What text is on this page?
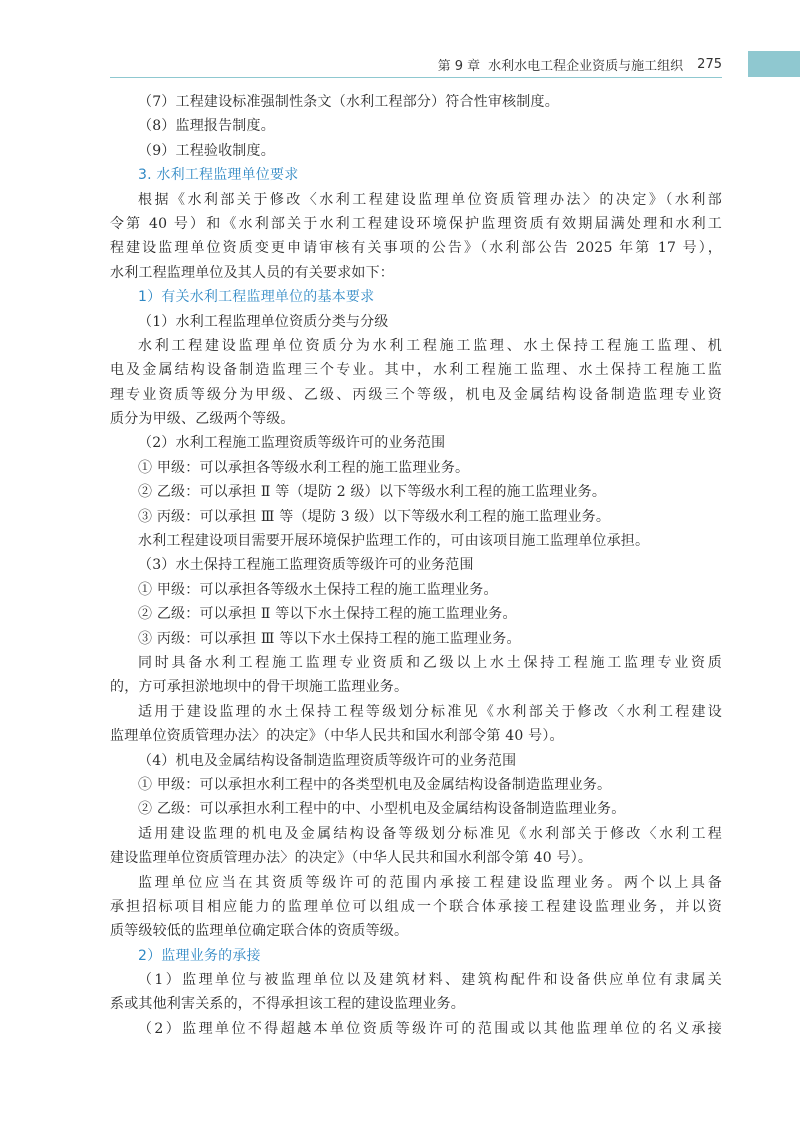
第 9 章 水利水电工程企业资质与施工组织 275
（7）工程建设标准强制性条文（水利工程部分）符合性审核制度。
（8）监理报告制度。
（9）工程验收制度。
3. 水利工程监理单位要求
根据《水利部关于修改〈水利工程建设监理单位资质管理办法〉的决定》（水利部
令第 40 号）和《水利部关于水利工程建设环境保护监理资质有效期届满处理和水利工
程建设监理单位资质变更申请审核有关事项的公告》（水利部公告 2025 年第 17 号），
水利工程监理单位及其人员的有关要求如下：
1）有关水利工程监理单位的基本要求
（1）水利工程监理单位资质分类与分级
水利工程建设监理单位资质分为水利工程施工监理、水土保持工程施工监理、机
电及金属结构设备制造监理三个专业。其中，水利工程施工监理、水土保持工程施工监
理专业资质等级分为甲级、乙级、丙级三个等级，机电及金属结构设备制造监理专业资
质分为甲级、乙级两个等级。
（2）水利工程施工监理资质等级许可的业务范围
① 甲级：可以承担各等级水利工程的施工监理业务。
② 乙级：可以承担 Ⅱ 等（堤防 2 级）以下等级水利工程的施工监理业务。
③ 丙级：可以承担 Ⅲ 等（堤防 3 级）以下等级水利工程的施工监理业务。
水利工程建设项目需要开展环境保护监理工作的，可由该项目施工监理单位承担。
（3）水土保持工程施工监理资质等级许可的业务范围
① 甲级：可以承担各等级水土保持工程的施工监理业务。
② 乙级：可以承担 Ⅱ 等以下水土保持工程的施工监理业务。
③ 丙级：可以承担 Ⅲ 等以下水土保持工程的施工监理业务。
同时具备水利工程施工监理专业资质和乙级以上水土保持工程施工监理专业资质
的，方可承担淤地坝中的骨干坝施工监理业务。
适用于建设监理的水土保持工程等级划分标准见《水利部关于修改〈水利工程建设
监理单位资质管理办法〉的决定》（中华人民共和国水利部令第 40 号）。
（4）机电及金属结构设备制造监理资质等级许可的业务范围
① 甲级：可以承担水利工程中的各类型机电及金属结构设备制造监理业务。
② 乙级：可以承担水利工程中的中、小型机电及金属结构设备制造监理业务。
适用建设监理的机电及金属结构设备等级划分标准见《水利部关于修改〈水利工程
建设监理单位资质管理办法〉的决定》（中华人民共和国水利部令第 40 号）。
监理单位应当在其资质等级许可的范围内承接工程建设监理业务。两个以上具备
承担招标项目相应能力的监理单位可以组成一个联合体承接工程建设监理业务，并以资
质等级较低的监理单位确定联合体的资质等级。
2）监理业务的承接
（1）监理单位与被监理单位以及建筑材料、建筑构配件和设备供应单位有隶属关
系或其他利害关系的，不得承担该工程的建设监理业务。
（2）监理单位不得超越本单位资质等级许可的范围或以其他监理单位的名义承接
